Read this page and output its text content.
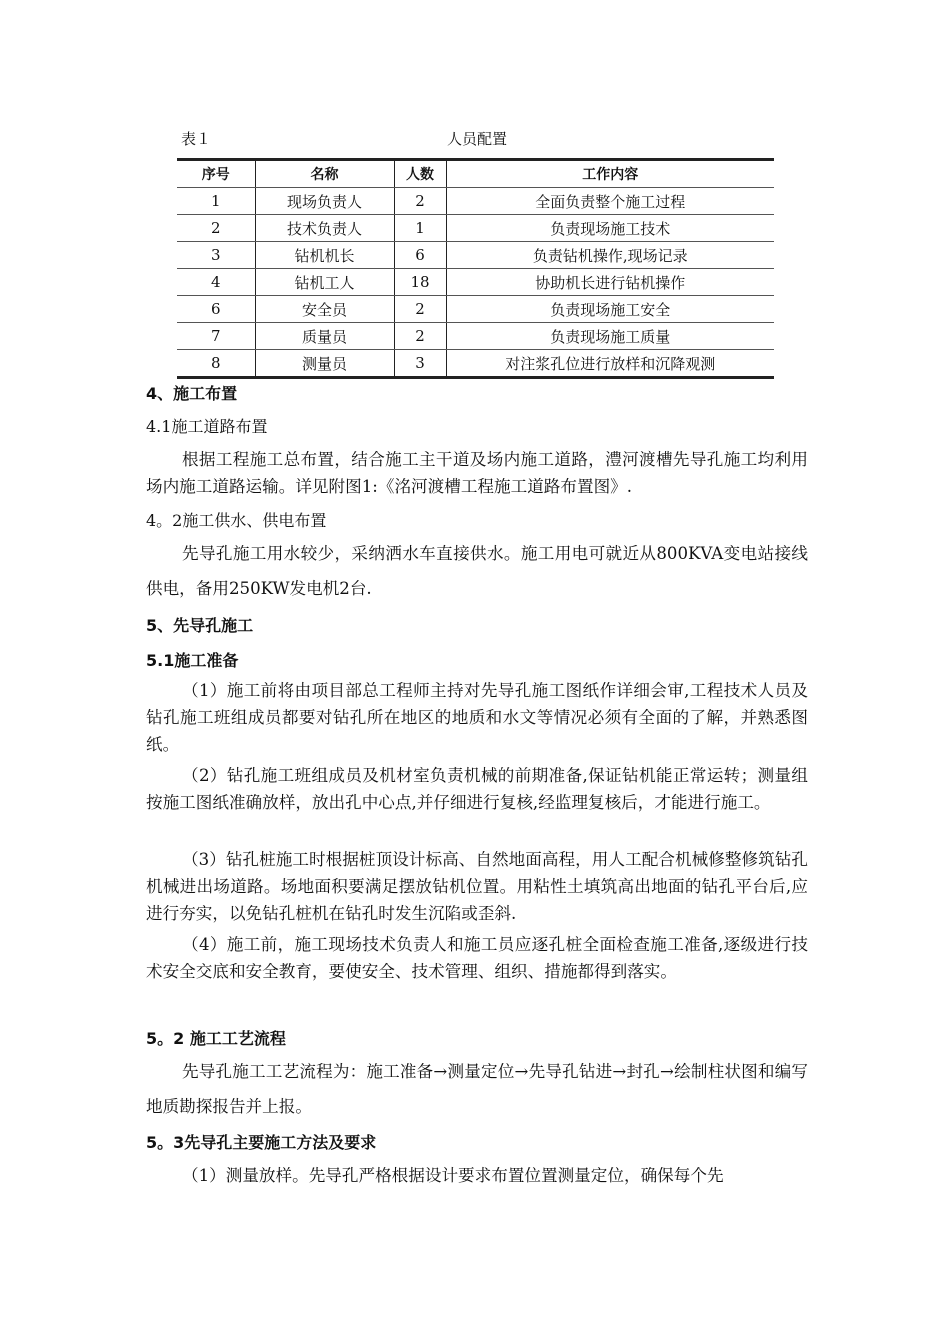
表１	人员配置
序号	名称	人数	工作内容
1	现场负责人	2	全面负责整个施工过程
2	技术负责人	1	负责现场施工技术
3	钻机机长	6	负责钻机操作,现场记录
4	钻机工人	18	协助机长进行钻机操作
6	安全员	2	负责现场施工安全
7	质量员	2	负责现场施工质量
8	测量员	3	对注浆孔位进行放样和沉降观测
4、施工布置
4.1施工道路布置
根据工程施工总布置，结合施工主干道及场内施工道路，澧河渡槽先导孔施工均利用场内施工道路运输。详见附图1:《洺河渡槽工程施工道路布置图》.
4。2施工供水、供电布置
先导孔施工用水较少，采纳洒水车直接供水。施工用电可就近从800KVA变电站接线供电，备用250KW发电机2台.
5、先导孔施工
5.1施工准备
（1）施工前将由项目部总工程师主持对先导孔施工图纸作详细会审,工程技术人员及钻孔施工班组成员都要对钻孔所在地区的地质和水文等情况必须有全面的了解，并熟悉图纸。
（2）钻孔施工班组成员及机材室负责机械的前期准备,保证钻机能正常运转；测量组按施工图纸准确放样，放出孔中心点,并仔细进行复核,经监理复核后，才能进行施工。
（3）钻孔桩施工时根据桩顶设计标高、自然地面高程，用人工配合机械修整修筑钻孔机械进出场道路。场地面积要满足摆放钻机位置。用粘性土填筑高出地面的钻孔平台后,应进行夯实，以免钻孔桩机在钻孔时发生沉陷或歪斜.
（4）施工前，施工现场技术负责人和施工员应逐孔桩全面检查施工准备,逐级进行技术安全交底和安全教育，要使安全、技术管理、组织、措施都得到落实。
5。2 施工工艺流程
先导孔施工工艺流程为：施工准备→测量定位→先导孔钻进→封孔→绘制柱状图和编写地质勘探报告并上报。
5。3先导孔主要施工方法及要求
（1）测量放样。先导孔严格根据设计要求布置位置测量定位，确保每个先
